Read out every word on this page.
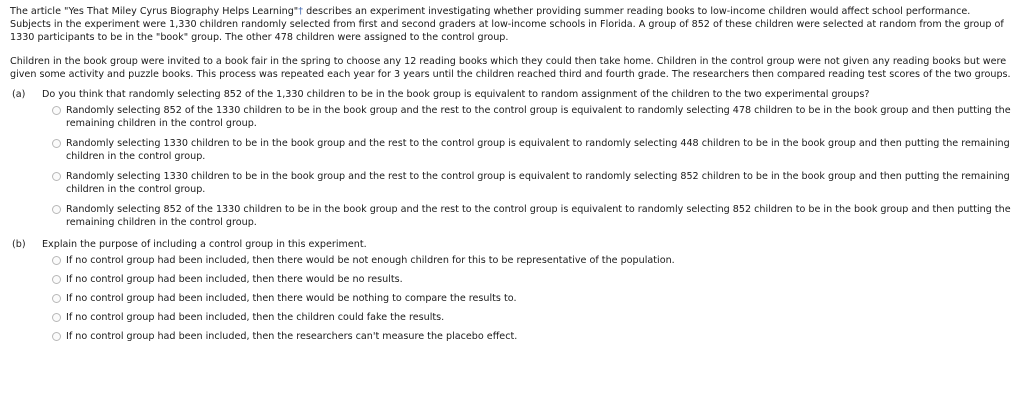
The article "Yes That Miley Cyrus Biography Helps Learning"† describes an experiment investigating whether providing summer reading books to low-income children would affect school performance. Subjects in the experiment were 1,330 children randomly selected from first and second graders at low-income schools in Florida. A group of 852 of these children were selected at random from the group of 1330 participants to be in the "book" group. The other 478 children were assigned to the control group.

Children in the book group were invited to a book fair in the spring to choose any 12 reading books which they could then take home. Children in the control group were not given any reading books but were given some activity and puzzle books. This process was repeated each year for 3 years until the children reached third and fourth grade. The researchers then compared reading test scores of the two groups.

(a)	Do you think that randomly selecting 852 of the 1,330 children to be in the book group is equivalent to random assignment of the children to the two experimental groups?
Randomly selecting 852 of the 1330 children to be in the book group and the rest to the control group is equivalent to randomly selecting 478 children to be in the book group and then putting the remaining children in the control group.
Randomly selecting 1330 children to be in the book group and the rest to the control group is equivalent to randomly selecting 448 children to be in the book group and then putting the remaining children in the control group.
Randomly selecting 1330 children to be in the book group and the rest to the control group is equivalent to randomly selecting 852 children to be in the book group and then putting the remaining children in the control group.
Randomly selecting 852 of the 1330 children to be in the book group and the rest to the control group is equivalent to randomly selecting 852 children to be in the book group and then putting the remaining children in the control group.
(b)	Explain the purpose of including a control group in this experiment.
If no control group had been included, then there would be not enough children for this to be representative of the population.
If no control group had been included, then there would be no results.
If no control group had been included, then there would be nothing to compare the results to.
If no control group had been included, then the children could fake the results.
If no control group had been included, then the researchers can't measure the placebo effect.
